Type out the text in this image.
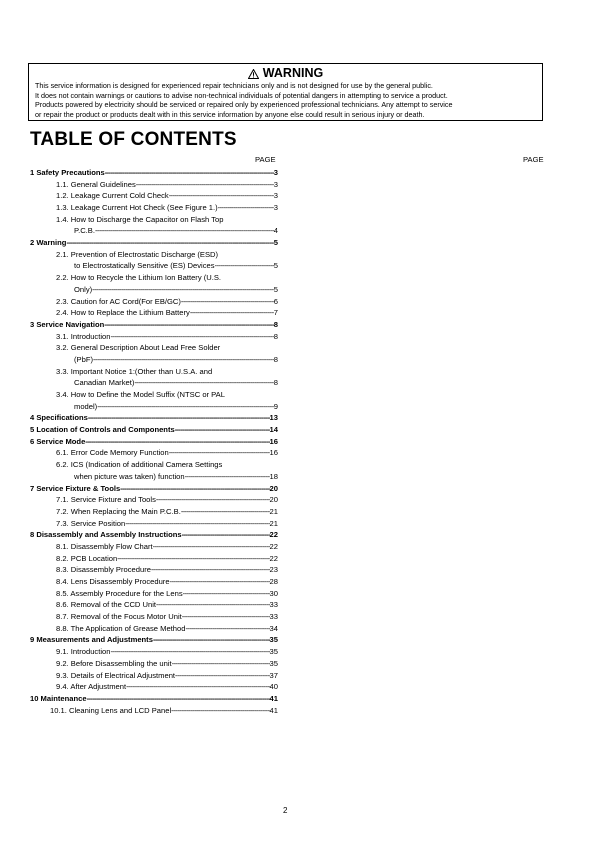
WARNING
This service information is designed for experienced repair technicians only and is not designed for use by the general public.
It does not contain warnings or cautions to advise non-technical individuals of potential dangers in attempting to service a product.
Products powered by electricity should be serviced or repaired only by experienced professional technicians. Any attempt to service
or repair the product or products dealt with in this service information by anyone else could result in serious injury or death.
TABLE OF CONTENTS
PAGE	PAGE
1 Safety Precautions -----	3
1.1. General Guidelines -----	3
1.2. Leakage Current Cold Check -----	3
1.3. Leakage Current Hot Check (See Figure 1.) -----	3
1.4. How to Discharge the Capacitor on Flash Top
P.C.B. -----	4
2 Warning -----	5
2.1. Prevention of Electrostatic Discharge (ESD)
to Electrostatically Sensitive (ES) Devices -----	5
2.2. How to Recycle the Lithium Ion Battery (U.S.
Only) -----	5
2.3. Caution for AC Cord(For EB/GC) -----	6
2.4. How to Replace the Lithium Battery -----	7
3 Service Navigation -----	8
3.1. Introduction -----	8
3.2. General Description About Lead Free Solder
(PbF) -----	8
3.3. Important Notice 1:(Other than U.S.A. and
Canadian Market) -----	8
3.4. How to Define the Model Suffix (NTSC or PAL
model) -----	9
4 Specifications -----	13
5 Location of Controls and Components -----	14
6 Service Mode -----	16
6.1. Error Code Memory Function -----	16
6.2. ICS (Indication of additional Camera Settings
when picture was taken) function -----	18
7 Service Fixture & Tools -----	20
7.1. Service Fixture and Tools -----	20
7.2. When Replacing the Main P.C.B. -----	21
7.3. Service Position -----	21
8 Disassembly and Assembly Instructions -----	22
8.1. Disassembly Flow Chart -----	22
8.2. PCB Location -----	22
8.3. Disassembly Procedure -----	23
8.4. Lens Disassembly Procedure -----	28
8.5. Assembly Procedure for the Lens -----	30
8.6. Removal of the CCD Unit -----	33
8.7. Removal of the Focus Motor Unit -----	33
8.8. The Application of Grease Method -----	34
9 Measurements and Adjustments -----	35
9.1. Introduction -----	35
9.2. Before Disassembling the unit -----	35
9.3. Details of Electrical Adjustment -----	37
9.4. After Adjustment -----	40
10 Maintenance -----	41
10.1. Cleaning Lens and LCD Panel -----	41
2
